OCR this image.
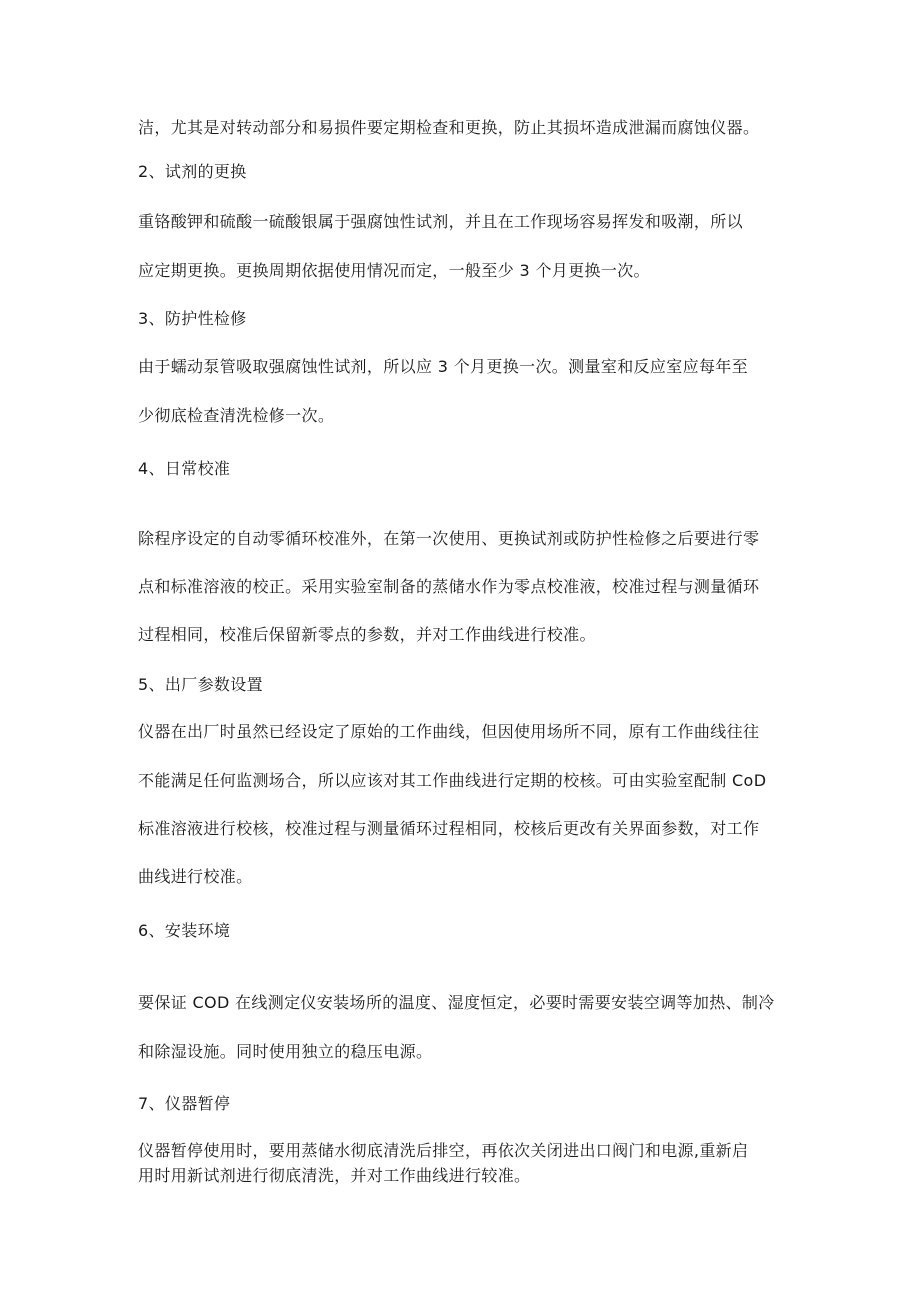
洁，尤其是对转动部分和易损件要定期检查和更换，防止其损坏造成泄漏而腐蚀仪器。

2、试剂的更换

重铬酸钾和硫酸一硫酸银属于强腐蚀性试剂，并且在工作现场容易挥发和吸潮，所以

应定期更换。更换周期依据使用情况而定，一般至少 3 个月更换一次。

3、防护性检修

由于蠕动泵管吸取强腐蚀性试剂，所以应 3 个月更换一次。测量室和反应室应每年至

少彻底检查清洗检修一次。

4、日常校准

除程序设定的自动零循环校准外，在第一次使用、更换试剂或防护性检修之后要进行零

点和标准溶液的校正。采用实验室制备的蒸储水作为零点校准液，校准过程与测量循环

过程相同，校准后保留新零点的参数，并对工作曲线进行校准。

5、出厂参数设置

仪器在出厂时虽然已经设定了原始的工作曲线，但因使用场所不同，原有工作曲线往往

不能满足任何监测场合，所以应该对其工作曲线进行定期的校核。可由实验室配制 CoD

标准溶液进行校核，校准过程与测量循环过程相同，校核后更改有关界面参数，对工作

曲线进行校准。

6、安装环境

要保证 COD 在线测定仪安装场所的温度、湿度恒定，必要时需要安装空调等加热、制冷

和除湿设施。同时使用独立的稳压电源。

7、仪器暂停

仪器暂停使用时，要用蒸储水彻底清洗后排空，再依次关闭进出口阀门和电源,重新启

用时用新试剂进行彻底清洗，并对工作曲线进行较准。
